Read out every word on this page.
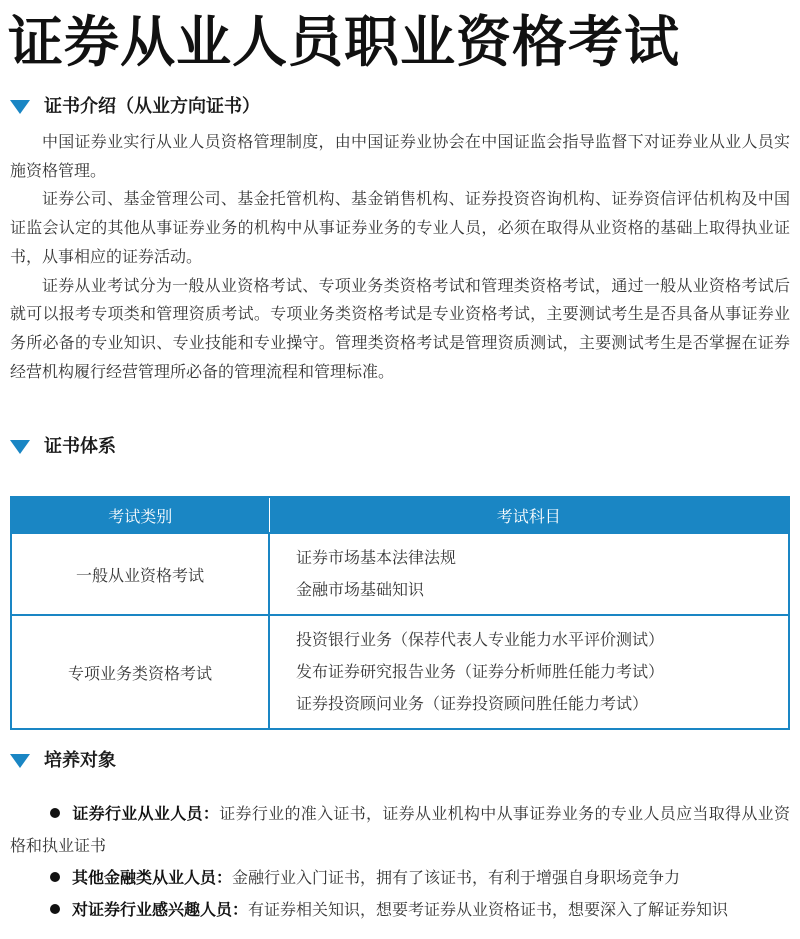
证券从业人员职业资格考试
证书介绍（从业方向证书）

中国证券业实行从业人员资格管理制度，由中国证券业协会在中国证监会指导监督下对证券业从业人员实施资格管理。

证券公司、基金管理公司、基金托管机构、基金销售机构、证券投资咨询机构、证券资信评估机构及中国证监会认定的其他从事证券业务的机构中从事证券业务的专业人员，必须在取得从业资格的基础上取得执业证书，从事相应的证券活动。

证券从业考试分为一般从业资格考试、专项业务类资格考试和管理类资格考试，通过一般从业资格考试后就可以报考专项类和管理资质考试。专项业务类资格考试是专业资格考试，主要测试考生是否具备从事证券业务所必备的专业知识、专业技能和专业操守。管理类资格考试是管理资质测试，主要测试考生是否掌握在证券经营机构履行经营管理所必备的管理流程和管理标准。

证书体系
考试类别	考试科目
一般从业资格考试	证券市场基本法律法规
金融市场基础知识

专项业务类资格考试	投资银行业务（保荐代表人专业能力水平评价测试）
发布证券研究报告业务（证券分析师胜任能力考试）
证券投资顾问业务（证券投资顾问胜任能力考试）
培养对象

证券行业从业人员：证券行业的准入证书，证券从业机构中从事证券业务的专业人员应当取得从业资格和执业证书

其他金融类从业人员：金融行业入门证书，拥有了该证书，有利于增强自身职场竞争力

对证券行业感兴趣人员：有证券相关知识，想要考证券从业资格证书，想要深入了解证券知识
